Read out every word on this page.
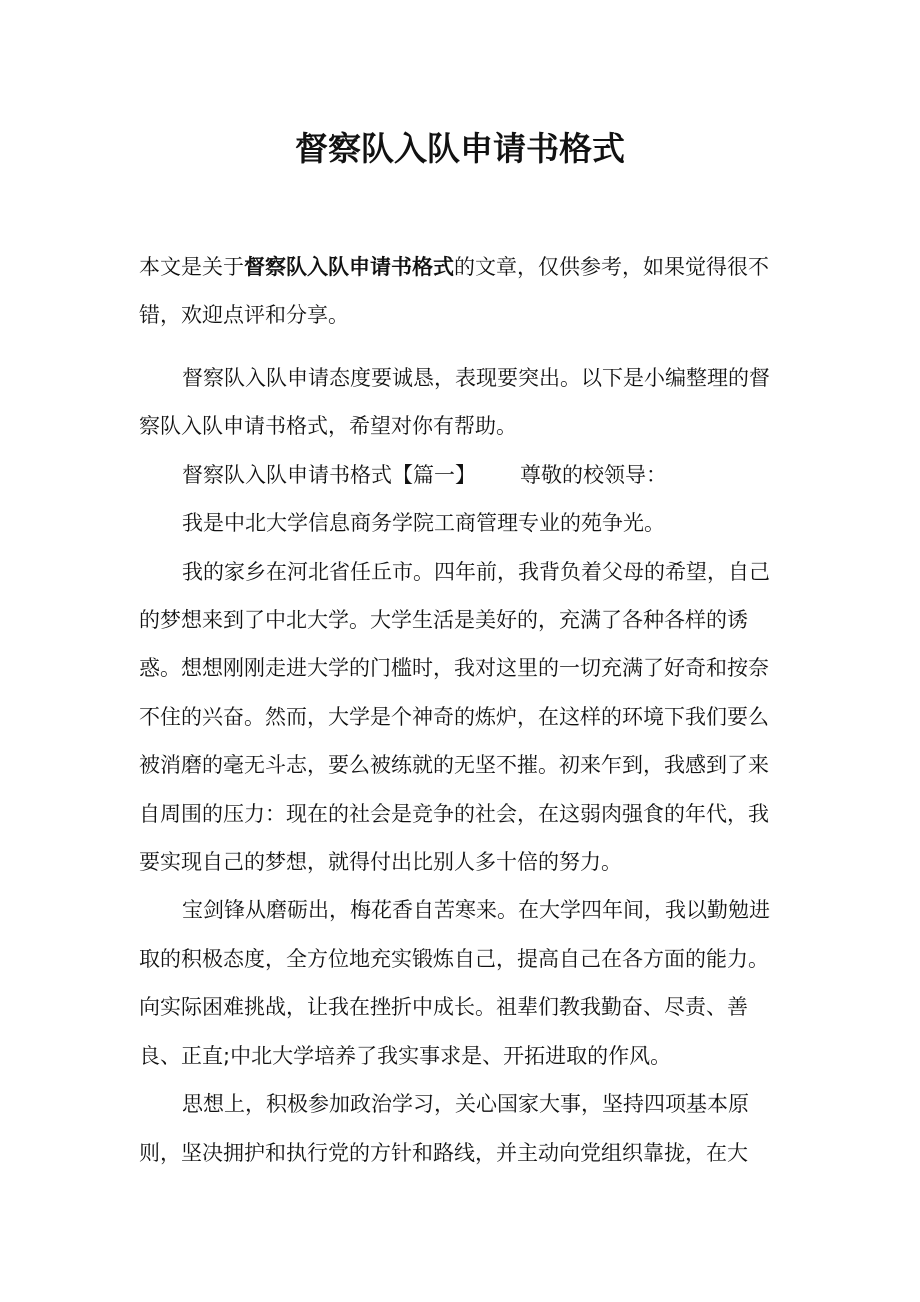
督察队入队申请书格式
本文是关于督察队入队申请书格式的文章，仅供参考，如果觉得很不错，欢迎点评和分享。

督察队入队申请态度要诚恳，表现要突出。以下是小编整理的督察队入队申请书格式，希望对你有帮助。

督察队入队申请书格式【篇一】 尊敬的校领导：

我是中北大学信息商务学院工商管理专业的苑争光。

我的家乡在河北省任丘市。四年前，我背负着父母的希望，自己的梦想来到了中北大学。大学生活是美好的，充满了各种各样的诱惑。想想刚刚走进大学的门槛时，我对这里的一切充满了好奇和按奈不住的兴奋。然而，大学是个神奇的炼炉，在这样的环境下我们要么被消磨的毫无斗志，要么被练就的无坚不摧。初来乍到，我感到了来自周围的压力：现在的社会是竞争的社会，在这弱肉强食的年代，我要实现自己的梦想，就得付出比别人多十倍的努力。

宝剑锋从磨砺出，梅花香自苦寒来。在大学四年间，我以勤勉进取的积极态度，全方位地充实锻炼自己，提高自己在各方面的能力。向实际困难挑战，让我在挫折中成长。祖辈们教我勤奋、尽责、善良、正直;中北大学培养了我实事求是、开拓进取的作风。

思想上，积极参加政治学习，关心国家大事，坚持四项基本原则，坚决拥护和执行党的方针和路线，并主动向党组织靠拢，在大
